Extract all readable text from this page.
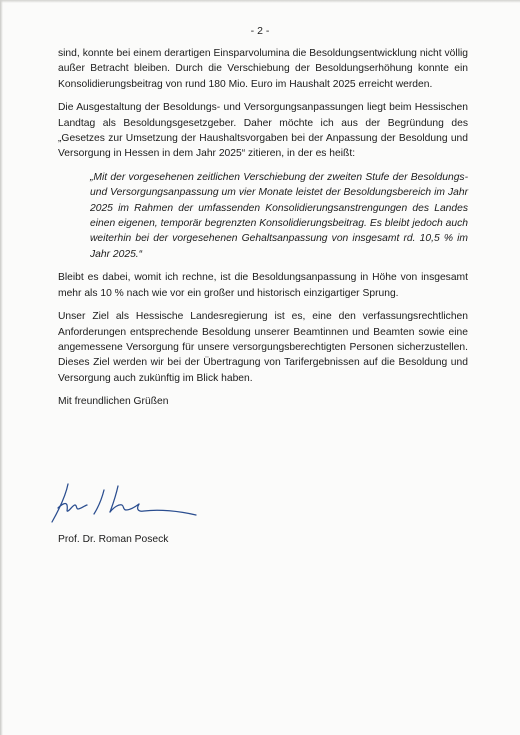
- 2 -

sind, konnte bei einem derartigen Einsparvolumina die Besoldungsentwicklung nicht völlig außer Betracht bleiben. Durch die Verschiebung der Besoldungserhöhung konnte ein Konsolidierungsbeitrag von rund 180 Mio. Euro im Haushalt 2025 erreicht werden.

Die Ausgestaltung der Besoldungs- und Versorgungsanpassungen liegt beim Hessischen Landtag als Besoldungsgesetzgeber. Daher möchte ich aus der Begründung des „Gesetzes zur Umsetzung der Haushaltsvorgaben bei der Anpassung der Besoldung und Versorgung in Hessen in dem Jahr 2025“ zitieren, in der es heißt:

„Mit der vorgesehenen zeitlichen Verschiebung der zweiten Stufe der Besoldungs- und Versorgungsanpassung um vier Monate leistet der Besoldungsbereich im Jahr 2025 im Rahmen der umfassenden Konsolidierungsanstrengungen des Landes einen eigenen, temporär begrenzten Konsolidierungsbeitrag. Es bleibt jedoch auch weiterhin bei der vorgesehenen Gehaltsanpassung von insgesamt rd. 10,5 % im Jahr 2025.“

Bleibt es dabei, womit ich rechne, ist die Besoldungsanpassung in Höhe von insgesamt mehr als 10 % nach wie vor ein großer und historisch einzigartiger Sprung.

Unser Ziel als Hessische Landesregierung ist es, eine den verfassungsrechtlichen Anforderungen entsprechende Besoldung unserer Beamtinnen und Beamten sowie eine angemessene Versorgung für unsere versorgungsberechtigten Personen sicherzustellen. Dieses Ziel werden wir bei der Übertragung von Tarifergebnissen auf die Besoldung und Versorgung auch zukünftig im Blick haben.

Mit freundlichen Grüßen

Prof. Dr. Roman Poseck
